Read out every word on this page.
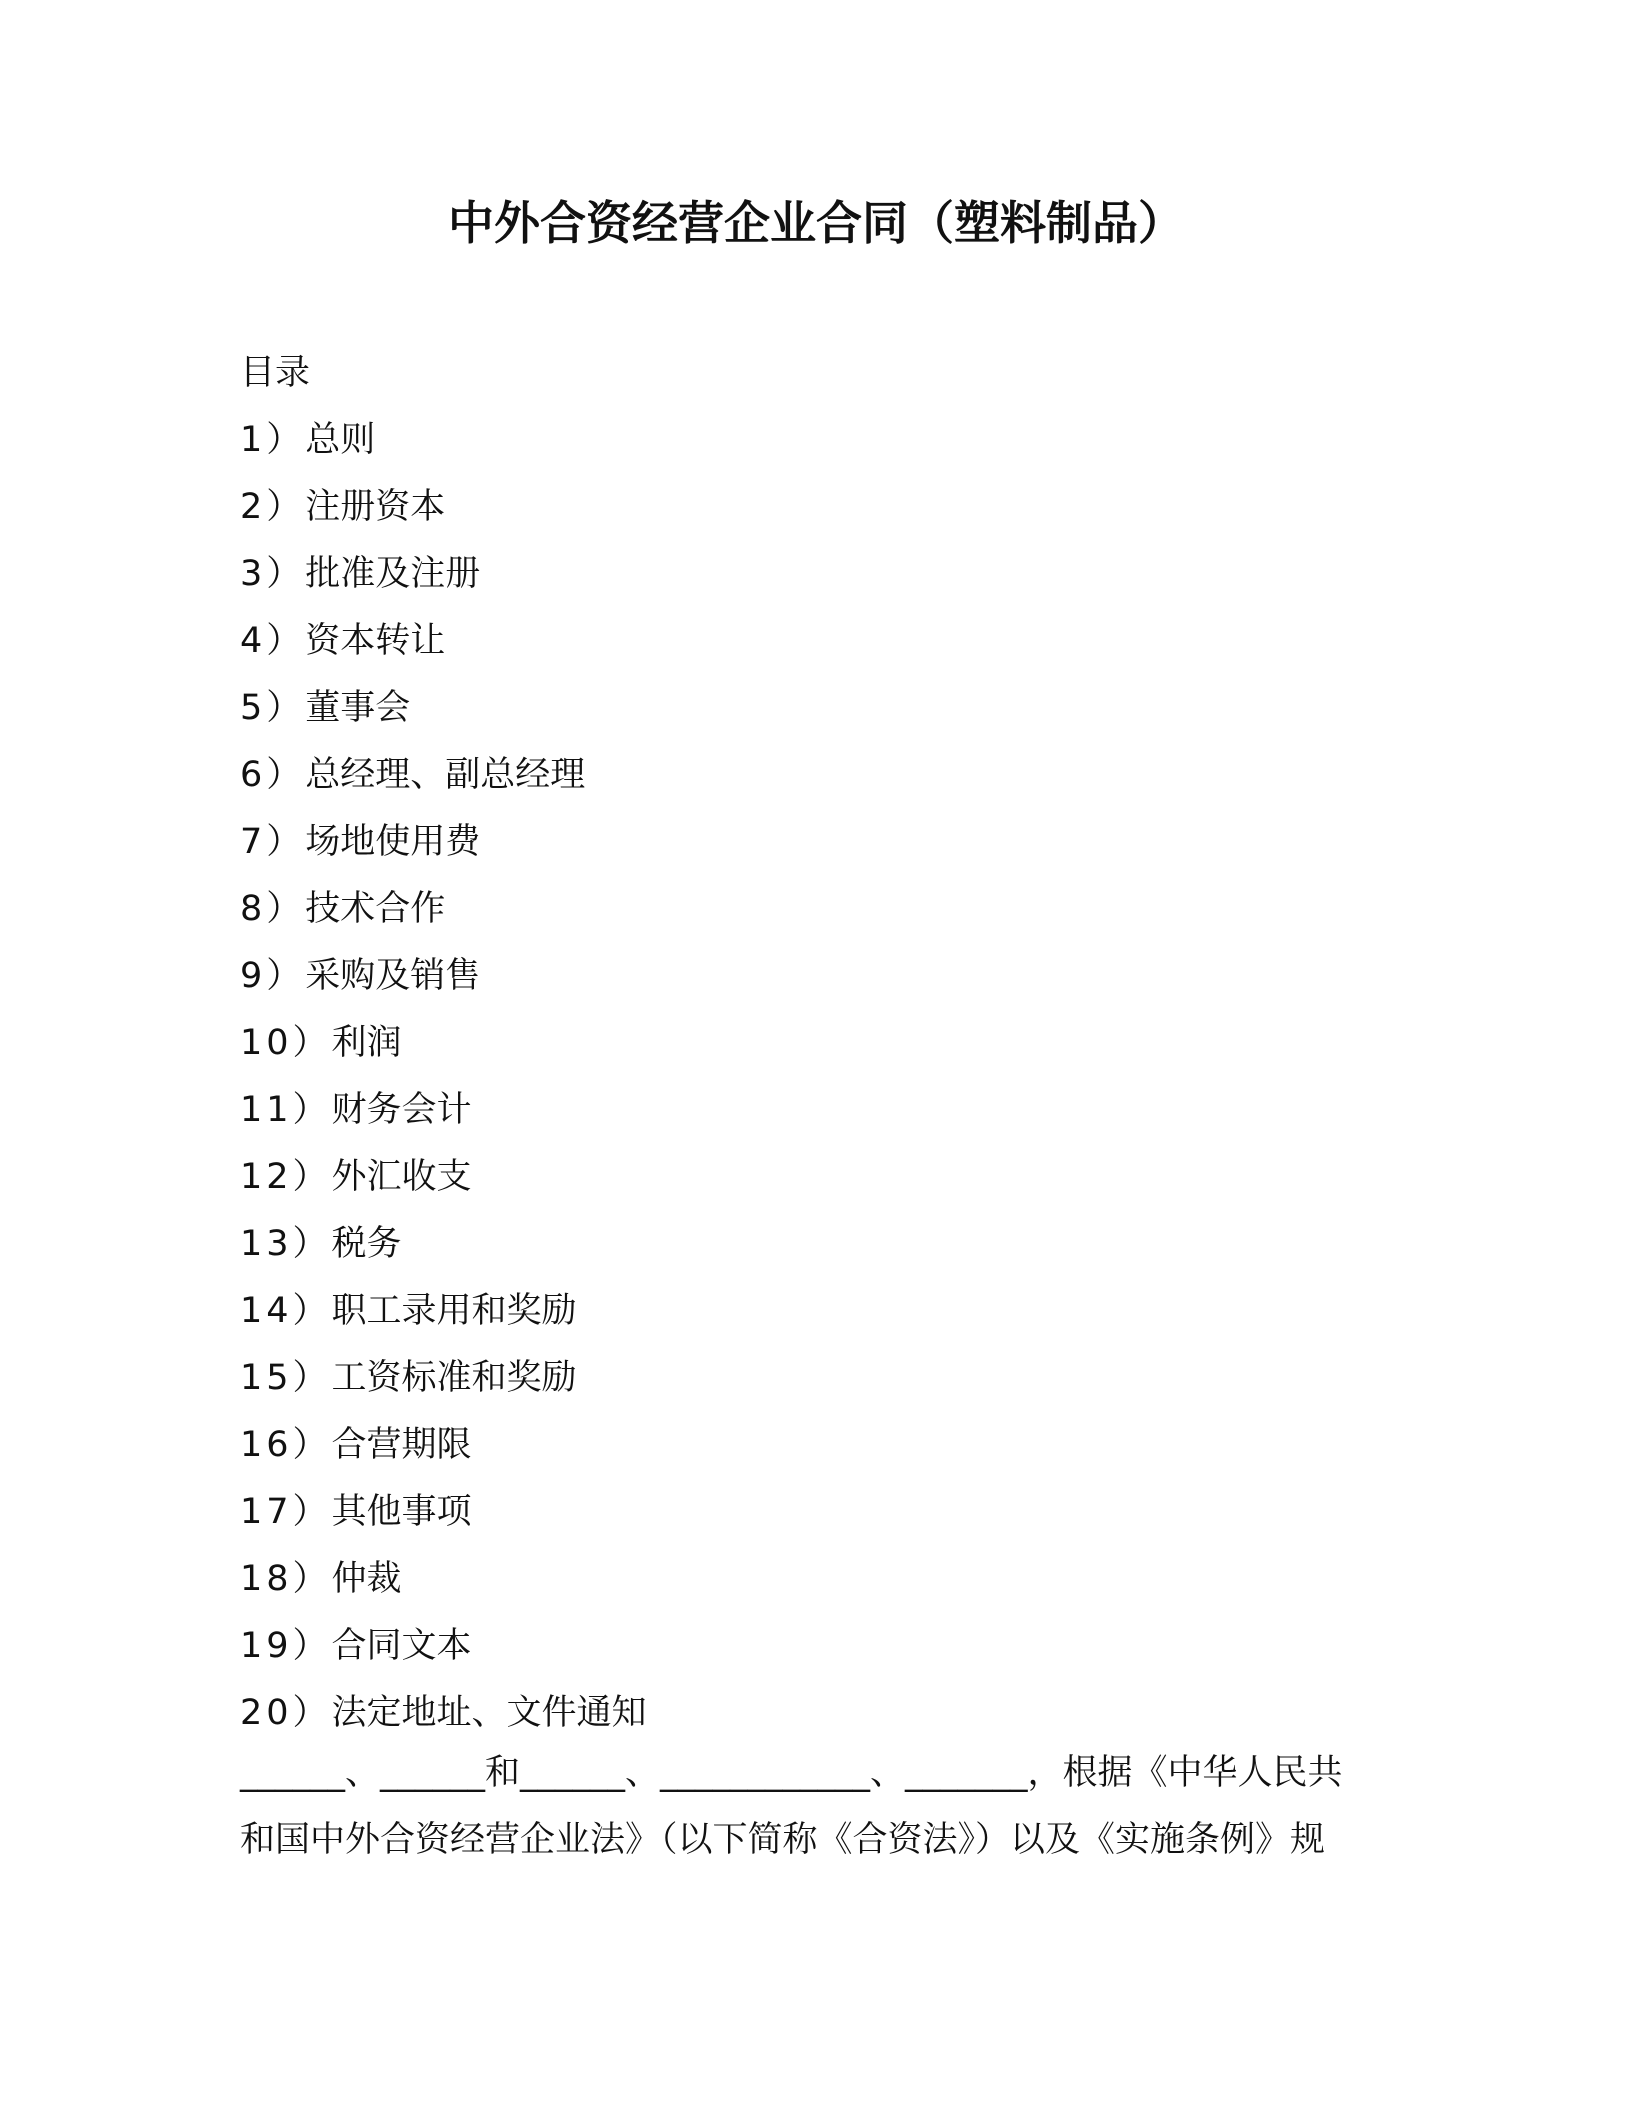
中外合资经营企业合同（塑料制品）
目录
1）总则
2）注册资本
3）批准及注册
4）资本转让
5）董事会
6）总经理、副总经理
7）场地使用费
8）技术合作
9）采购及销售
10）利润
11）财务会计
12）外汇收支
13）税务
14）职工录用和奖励
15）工资标准和奖励
16）合营期限
17）其他事项
18）仲裁
19）合同文本
20）法定地址、文件通知
______、______和______、____________、_______，根据《中华人民共
和国中外合资经营企业法》（以下简称《合资法》）以及《实施条例》规
